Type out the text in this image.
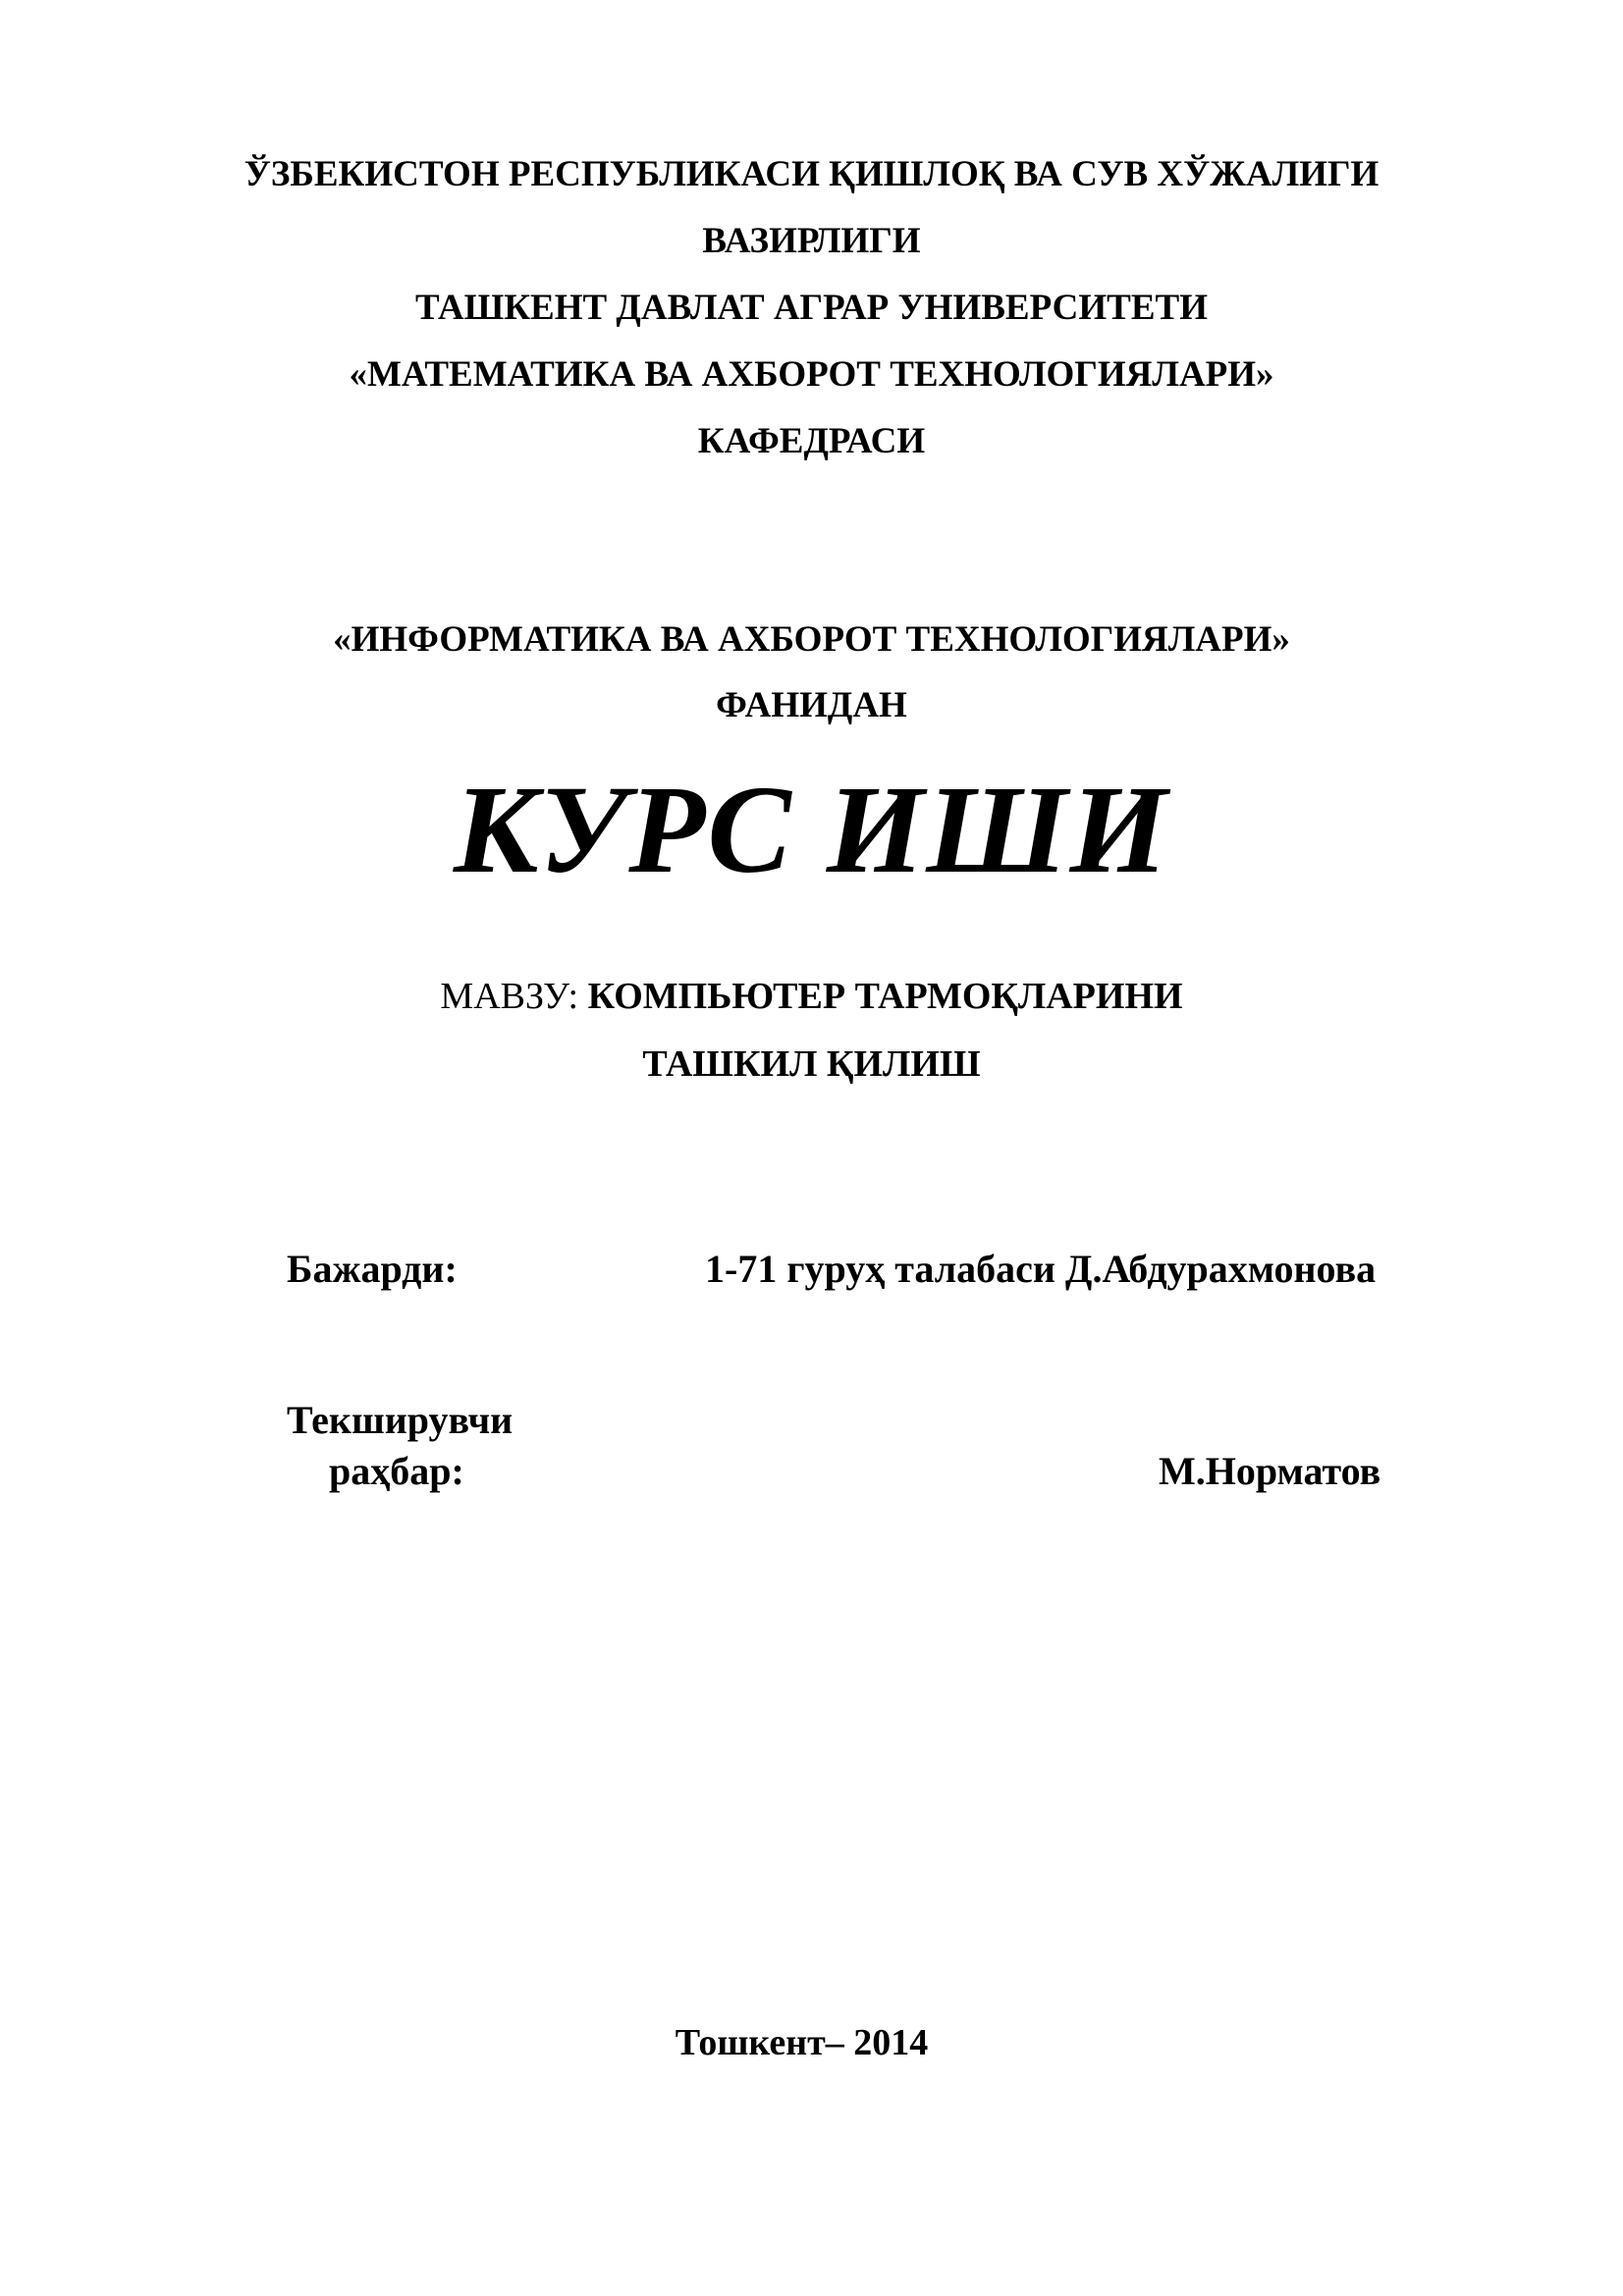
ЎЗБЕКИСТОН РЕСПУБЛИКАСИ ҚИШЛОҚ ВА СУВ ХЎЖАЛИГИ
ВАЗИРЛИГИ
ТАШКЕНТ ДАВЛАТ АГРАР УНИВЕРСИТЕТИ
«МАТЕМАТИКА ВА АХБОРОТ ТЕХНОЛОГИЯЛАРИ»
КАФЕДРАСИ
«ИНФОРМАТИКА ВА АХБОРОТ ТЕХНОЛОГИЯЛАРИ»
ФАНИДАН
КУРС ИШИ
МАВЗУ: КОМПЬЮТЕР ТАРМОҚЛАРИНИ
ТАШКИЛ ҚИЛИШ
Бажарди:	1-71 гуруҳ талабаси Д.Абдурахмонова
Текширувчи
раҳбар:	М.Норматов
Тошкент– 2014
